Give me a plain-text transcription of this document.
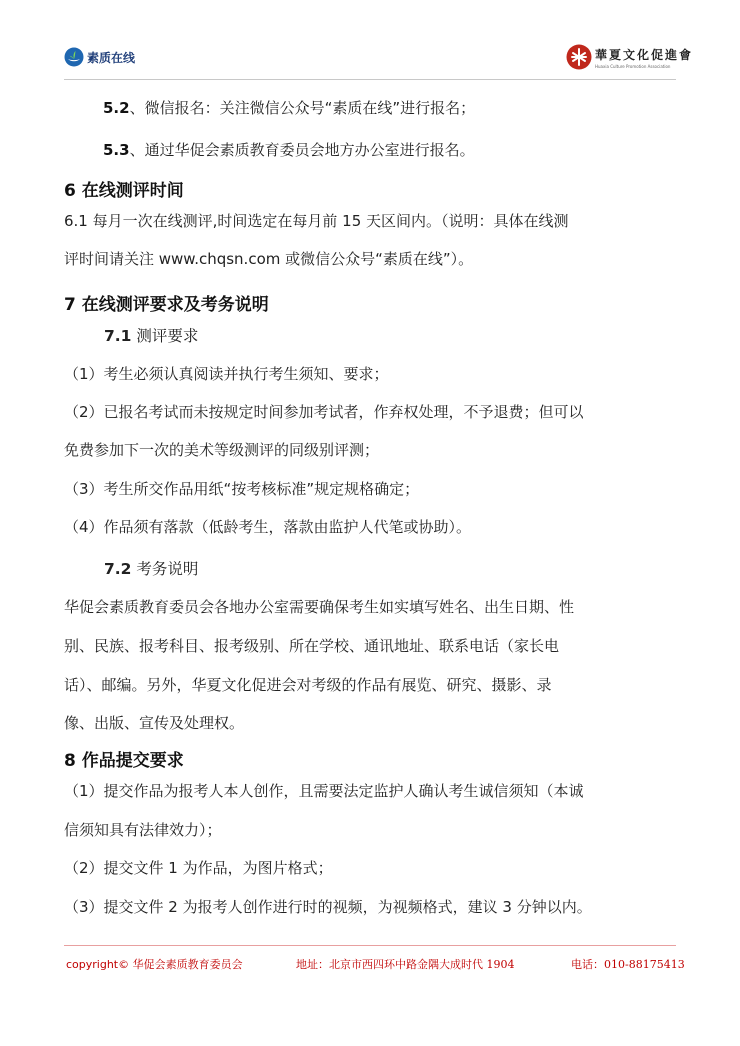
素质在线	華夏文化促進會
Huaxia Culture Promotion Association
5.2、微信报名：关注微信公众号“素质在线”进行报名；
5.3、通过华促会素质教育委员会地方办公室进行报名。
6 在线测评时间
6.1 每月一次在线测评,时间选定在每月前 15 天区间内。（说明：具体在线测
评时间请关注 www.chqsn.com 或微信公众号“素质在线”）。
7 在线测评要求及考务说明
7.1 测评要求
（1）考生必须认真阅读并执行考生须知、要求；
（2）已报名考试而未按规定时间参加考试者，作弃权处理，不予退费；但可以
免费参加下一次的美术等级测评的同级别评测；
（3）考生所交作品用纸“按考核标准”规定规格确定；
（4）作品须有落款（低龄考生，落款由监护人代笔或协助）。
7.2 考务说明
华促会素质教育委员会各地办公室需要确保考生如实填写姓名、出生日期、性
别、民族、报考科目、报考级别、所在学校、通讯地址、联系电话（家长电
话）、邮编。另外，华夏文化促进会对考级的作品有展览、研究、摄影、录
像、出版、宣传及处理权。
8 作品提交要求
（1）提交作品为报考人本人创作，且需要法定监护人确认考生诚信须知（本诚
信须知具有法律效力）；
（2）提交文件 1 为作品，为图片格式；
（3）提交文件 2 为报考人创作进行时的视频，为视频格式，建议 3 分钟以内。
copyright© 华促会素质教育委员会	地址：北京市西四环中路金隅大成时代 1904	电话：010-88175413
